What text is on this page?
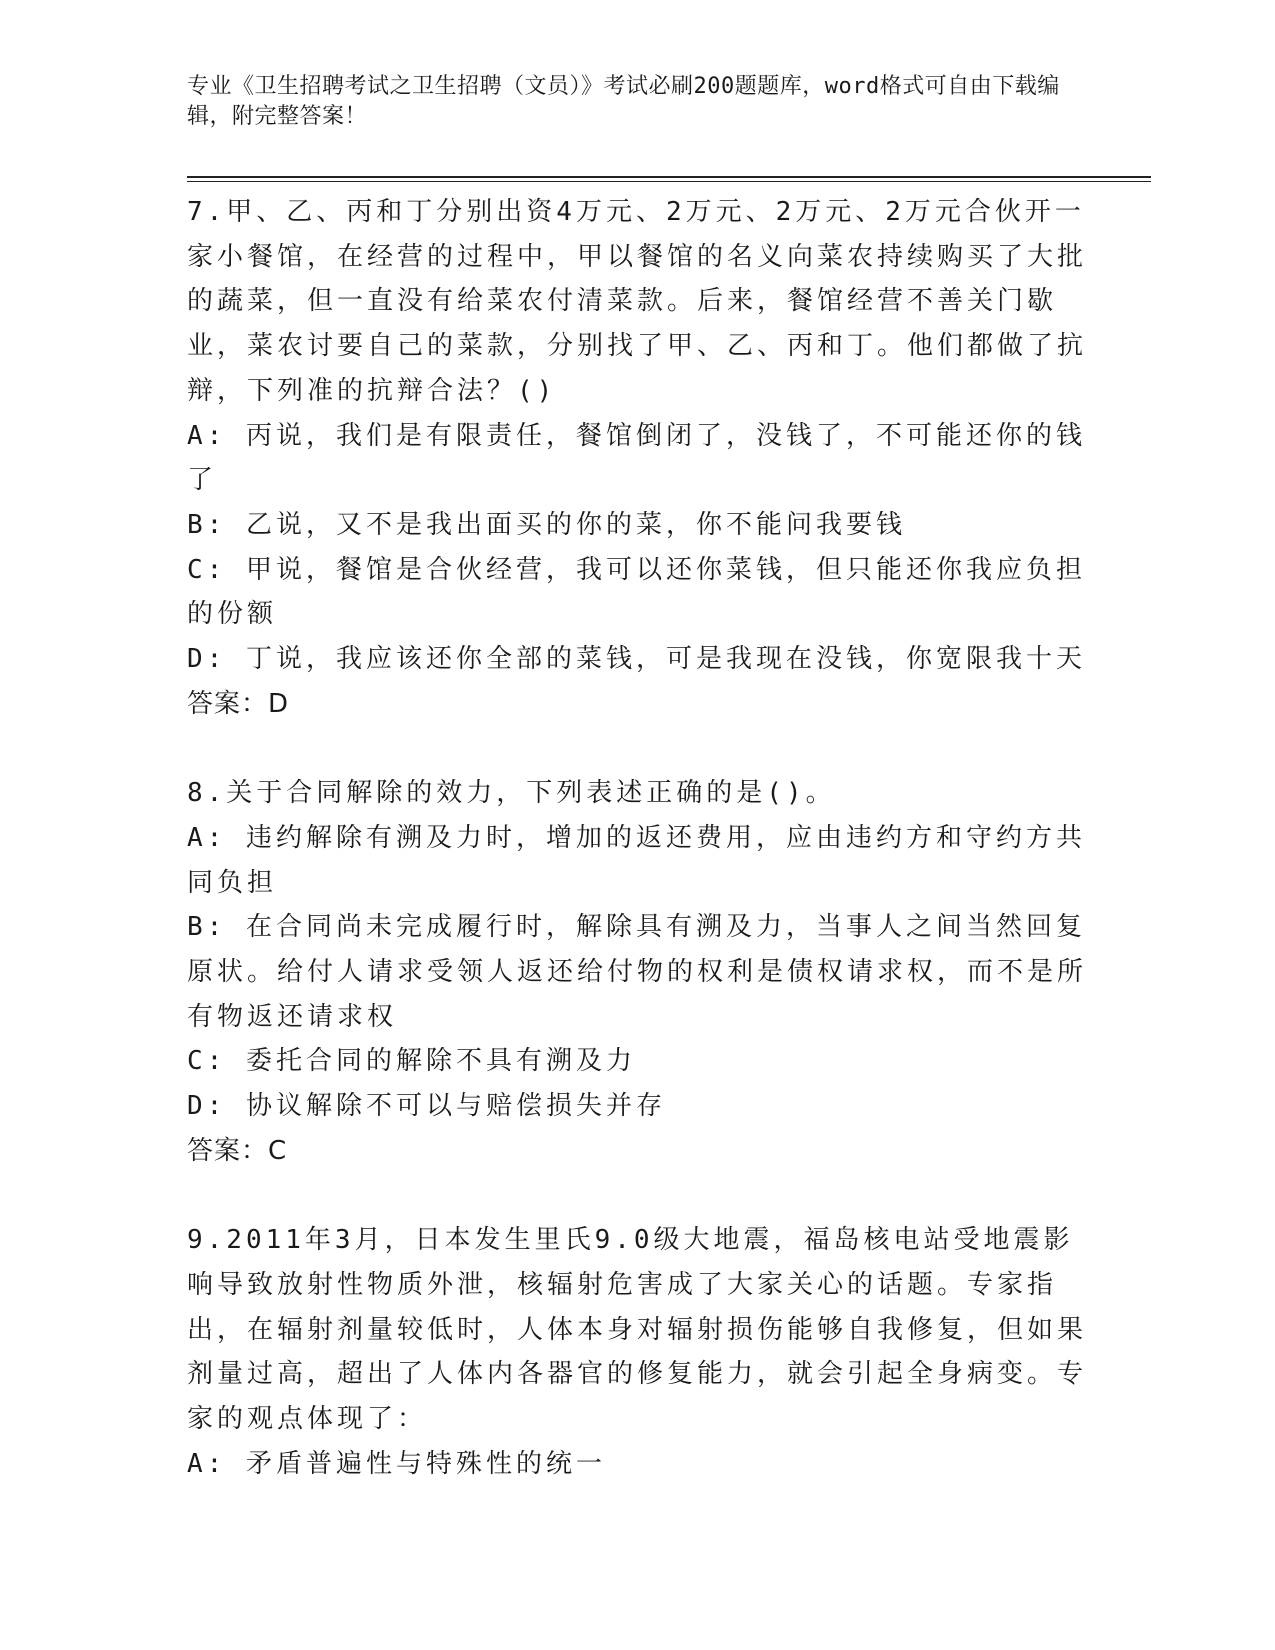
专业《卫生招聘考试之卫生招聘（文员）》考试必刷200题题库，word格式可自由下载编辑，附完整答案！
7.甲、乙、丙和丁分别出资4万元、2万元、2万元、2万元合伙开一家小餐馆，在经营的过程中，甲以餐馆的名义向菜农持续购买了大批的蔬菜，但一直没有给菜农付清菜款。后来，餐馆经营不善关门歇业，菜农讨要自己的菜款，分别找了甲、乙、丙和丁。他们都做了抗辩，下列准的抗辩合法？()
A: 丙说，我们是有限责任，餐馆倒闭了，没钱了，不可能还你的钱了
B: 乙说，又不是我出面买的你的菜，你不能问我要钱
C: 甲说，餐馆是合伙经营，我可以还你菜钱，但只能还你我应负担的份额
D: 丁说，我应该还你全部的菜钱，可是我现在没钱，你宽限我十天
答案：D
8.关于合同解除的效力，下列表述正确的是()。
A: 违约解除有溯及力时，增加的返还费用，应由违约方和守约方共同负担
B: 在合同尚未完成履行时，解除具有溯及力，当事人之间当然回复原状。给付人请求受领人返还给付物的权利是债权请求权，而不是所有物返还请求权
C: 委托合同的解除不具有溯及力
D: 协议解除不可以与赔偿损失并存
答案：C
9.2011年3月，日本发生里氏9.0级大地震，福岛核电站受地震影响导致放射性物质外泄，核辐射危害成了大家关心的话题。专家指出，在辐射剂量较低时，人体本身对辐射损伤能够自我修复，但如果剂量过高，超出了人体内各器官的修复能力，就会引起全身病变。专家的观点体现了：
A: 矛盾普遍性与特殊性的统一
